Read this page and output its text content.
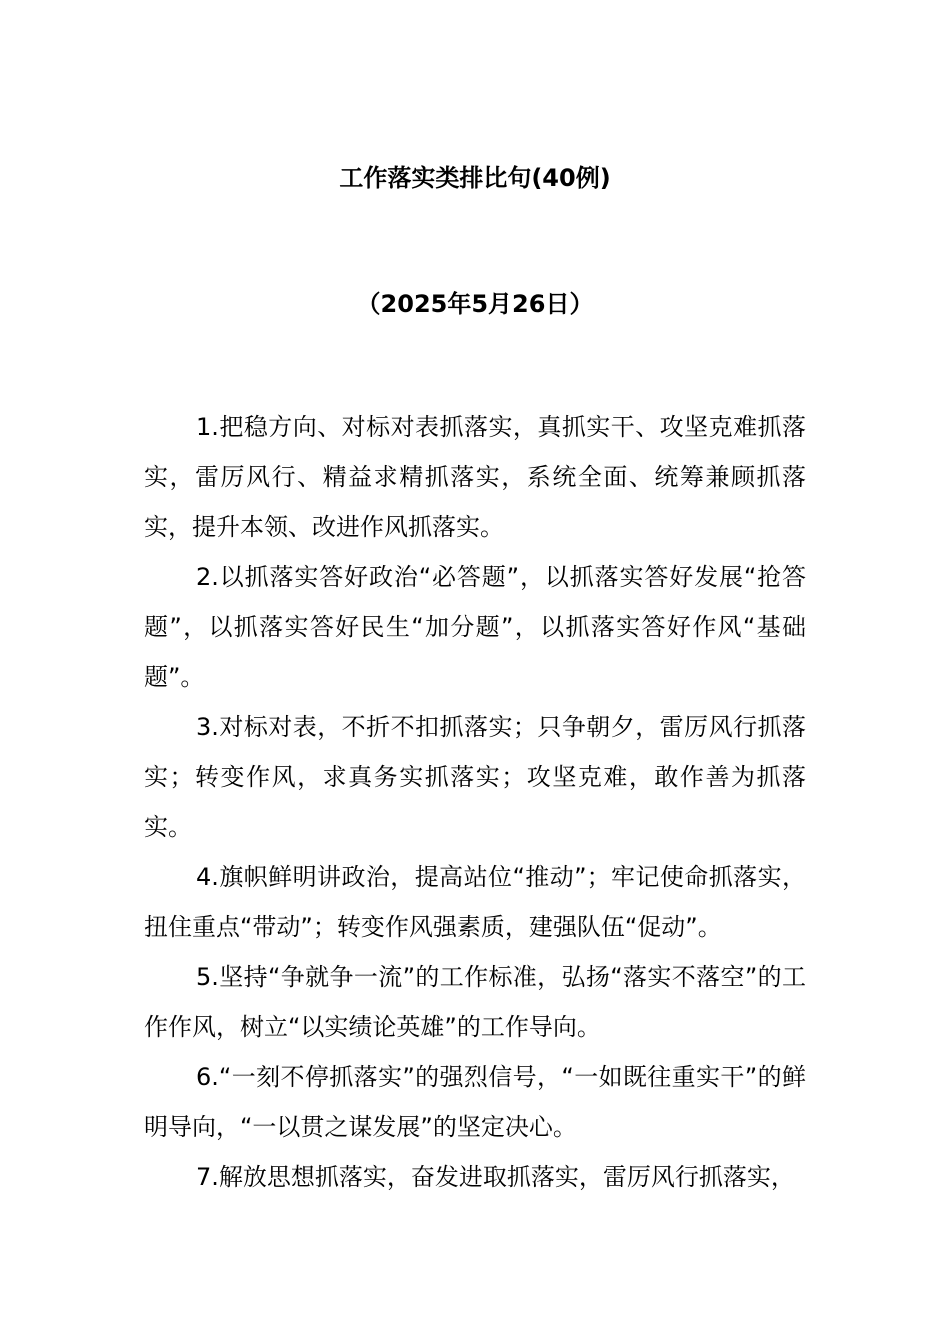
工作落实类排比句(40例)
（2025年5月26日）

1.把稳方向、对标对表抓落实，真抓实干、攻坚克难抓落实，雷厉风行、精益求精抓落实，系统全面、统筹兼顾抓落实，提升本领、改进作风抓落实。

2.以抓落实答好政治“必答题”，以抓落实答好发展“抢答题”，以抓落实答好民生“加分题”，以抓落实答好作风“基础题”。

3.对标对表，不折不扣抓落实；只争朝夕，雷厉风行抓落实；转变作风，求真务实抓落实；攻坚克难，敢作善为抓落实。

4.旗帜鲜明讲政治，提高站位“推动”；牢记使命抓落实，扭住重点“带动”；转变作风强素质，建强队伍“促动”。

5.坚持“争就争一流”的工作标准，弘扬“落实不落空”的工作作风，树立“以实绩论英雄”的工作导向。

6.“一刻不停抓落实”的强烈信号，“一如既往重实干”的鲜明导向，“一以贯之谋发展”的坚定决心。

7.解放思想抓落实，奋发进取抓落实，雷厉风行抓落实，
